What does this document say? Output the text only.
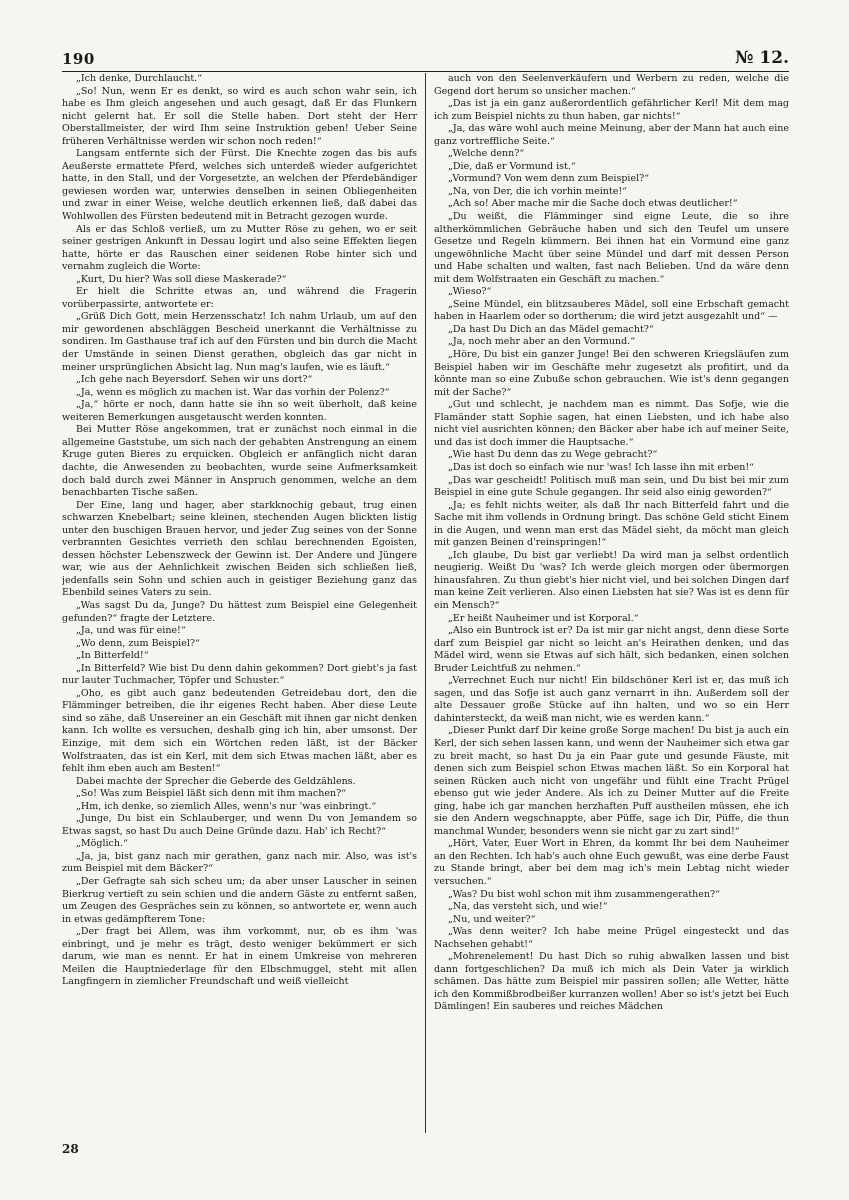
190	№ 12.

„Ich denke, Durchlaucht.“

„So! Nun, wenn Er es denkt, so wird es auch schon wahr sein, ich habe es Ihm gleich angesehen und auch gesagt, daß Er das Flunkern nicht gelernt hat. Er soll die Stelle haben. Dort steht der Herr Oberstallmeister, der wird Ihm seine Instruktion geben! Ueber Seine früheren Verhältnisse werden wir schon noch reden!“

Langsam entfernte sich der Fürst. Die Knechte zogen das bis aufs Aeußerste ermattete Pferd, welches sich unterdeß wieder aufgerichtet hatte, in den Stall, und der Vorgesetzte, an welchen der Pferdebändiger gewiesen worden war, unterwies denselben in seinen Obliegenheiten und zwar in einer Weise, welche deutlich erkennen ließ, daß dabei das Wohlwollen des Fürsten bedeutend mit in Betracht gezogen wurde.

Als er das Schloß verließ, um zu Mutter Röse zu gehen, wo er seit seiner gestrigen Ankunft in Dessau logirt und also seine Effekten liegen hatte, hörte er das Rauschen einer seidenen Robe hinter sich und vernahm zugleich die Worte:

„Kurt, Du hier? Was soll diese Maskerade?“

Er hielt die Schritte etwas an, und während die Fragerin vorüberpassirte, antwortete er:

„Grüß Dich Gott, mein Herzensschatz! Ich nahm Urlaub, um auf den mir gewordenen abschläggen Bescheid unerkannt die Verhältnisse zu sondiren. Im Gasthause traf ich auf den Fürsten und bin durch die Macht der Umstände in seinen Dienst gerathen, obgleich das gar nicht in meiner ursprünglichen Absicht lag. Nun mag's laufen, wie es läuft.“

„Ich gehe nach Beyersdorf. Sehen wir uns dort?“

„Ja, wenn es möglich zu machen ist. War das vorhin der Polenz?“

„Ja,“ hörte er noch, dann hatte sie ihn so weit überholt, daß keine weiteren Bemerkungen ausgetauscht werden konnten.

Bei Mutter Röse angekommen, trat er zunächst noch einmal in die allgemeine Gaststube, um sich nach der gehabten Anstrengung an einem Kruge guten Bieres zu erquicken. Obgleich er anfänglich nicht daran dachte, die Anwesenden zu beobachten, wurde seine Aufmerksamkeit doch bald durch zwei Männer in Anspruch genommen, welche an dem benachbarten Tische saßen.

Der Eine, lang und hager, aber starkknochig gebaut, trug einen schwarzen Knebelbart; seine kleinen, stechenden Augen blickten listig unter den buschigen Brauen hervor, und jeder Zug seines von der Sonne verbrannten Gesichtes verrieth den schlau berechnenden Egoisten, dessen höchster Lebenszweck der Gewinn ist. Der Andere und Jüngere war, wie aus der Aehnlichkeit zwischen Beiden sich schließen ließ, jedenfalls sein Sohn und schien auch in geistiger Beziehung ganz das Ebenbild seines Vaters zu sein.

„Was sagst Du da, Junge? Du hättest zum Beispiel eine Gelegenheit gefunden?“ fragte der Letztere.

„Ja, und was für eine!“

„Wo denn, zum Beispiel?“

„In Bitterfeld!“

„In Bitterfeld? Wie bist Du denn dahin gekommen? Dort giebt's ja fast nur lauter Tuchmacher, Töpfer und Schuster.“

„Oho, es gibt auch ganz bedeutenden Getreidebau dort, den die Flämminger betreiben, die ihr eigenes Recht haben. Aber diese Leute sind so zähe, daß Unsereiner an ein Geschäft mit ihnen gar nicht denken kann. Ich wollte es versuchen, deshalb ging ich hin, aber umsonst. Der Einzige, mit dem sich ein Wörtchen reden läßt, ist der Bäcker Wolfstraaten, das ist ein Kerl, mit dem sich Etwas machen läßt, aber es fehlt ihm eben auch am Besten!“

Dabei machte der Sprecher die Geberde des Geldzählens.

„So! Was zum Beispiel läßt sich denn mit ihm machen?“

„Hm, ich denke, so ziemlich Alles, wenn's nur 'was einbringt.“

„Junge, Du bist ein Schlauberger, und wenn Du von Jemandem so Etwas sagst, so hast Du auch Deine Gründe dazu. Hab' ich Recht?“

„Möglich.“

„Ja, ja, bist ganz nach mir gerathen, ganz nach mir. Also, was ist's zum Beispiel mit dem Bäcker?“

„Der Gefragte sah sich scheu um; da aber unser Lauscher in seinen Bierkrug vertieft zu sein schien und die andern Gäste zu entfernt saßen, um Zeugen des Gespräches sein zu können, so antwortete er, wenn auch in etwas gedämpfterem Tone:

„Der fragt bei Allem, was ihm vorkommt, nur, ob es ihm 'was einbringt, und je mehr es trägt, desto weniger bekümmert er sich darum, wie man es nennt. Er hat in einem Umkreise von mehreren Meilen die Hauptniederlage für den Elbschmuggel, steht mit allen Langfingern in ziemlicher Freundschaft und weiß vielleicht

auch von den Seelenverkäufern und Werbern zu reden, welche die Gegend dort herum so unsicher machen.“

„Das ist ja ein ganz außerordentlich gefährlicher Kerl! Mit dem mag ich zum Beispiel nichts zu thun haben, gar nichts!“

„Ja, das wäre wohl auch meine Meinung, aber der Mann hat auch eine ganz vortreffliche Seite.“

„Welche denn?“

„Die, daß er Vormund ist.“

„Vormund? Von wem denn zum Beispiel?“

„Na, von Der, die ich vorhin meinte!“

„Ach so! Aber mache mir die Sache doch etwas deutlicher!“

„Du weißt, die Flämminger sind eigne Leute, die so ihre altherkömmlichen Gebräuche haben und sich den Teufel um unsere Gesetze und Regeln kümmern. Bei ihnen hat ein Vormund eine ganz ungewöhnliche Macht über seine Mündel und darf mit dessen Person und Habe schalten und walten, fast nach Belieben. Und da wäre denn mit dem Wolfstraaten ein Geschäft zu machen.“

„Wieso?“

„Seine Mündel, ein blitzsauberes Mädel, soll eine Erbschaft gemacht haben in Haarlem oder so dortherum; die wird jetzt ausgezahlt und“ —

„Da hast Du Dich an das Mädel gemacht?“

„Ja, noch mehr aber an den Vormund.“

„Höre, Du bist ein ganzer Junge! Bei den schweren Kriegsläufen zum Beispiel haben wir im Geschäfte mehr zugesetzt als profitirt, und da könnte man so eine Zubuße schon gebrauchen. Wie ist's denn gegangen mit der Sache?“

„Gut und schlecht, je nachdem man es nimmt. Das Sofje, wie die Flamänder statt Sophie sagen, hat einen Liebsten, und ich habe also nicht viel ausrichten können; den Bäcker aber habe ich auf meiner Seite, und das ist doch immer die Hauptsache.“

„Wie hast Du denn das zu Wege gebracht?“

„Das ist doch so einfach wie nur 'was! Ich lasse ihn mit erben!“

„Das war gescheidt! Politisch muß man sein, und Du bist bei mir zum Beispiel in eine gute Schule gegangen. Ihr seid also einig geworden?“

„Ja; es fehlt nichts weiter, als daß Ihr nach Bitterfeld fahrt und die Sache mit ihm vollends in Ordnung bringt. Das schöne Geld sticht Einem in die Augen, und wenn man erst das Mädel sieht, da möcht man gleich mit ganzen Beinen d'reinspringen!“

„Ich glaube, Du bist gar verliebt! Da wird man ja selbst ordentlich neugierig. Weißt Du 'was? Ich werde gleich morgen oder übermorgen hinausfahren. Zu thun giebt's hier nicht viel, und bei solchen Dingen darf man keine Zeit verlieren. Also einen Liebsten hat sie? Was ist es denn für ein Mensch?“

„Er heißt Nauheimer und ist Korporal.“

„Also ein Buntrock ist er? Da ist mir gar nicht angst, denn diese Sorte darf zum Beispiel gar nicht so leicht an's Heirathen denken, und das Mädel wird, wenn sie Etwas auf sich hält, sich bedanken, einen solchen Bruder Leichtfuß zu nehmen.“

„Verrechnet Euch nur nicht! Ein bildschöner Kerl ist er, das muß ich sagen, und das Sofje ist auch ganz vernarrt in ihn. Außerdem soll der alte Dessauer große Stücke auf ihn halten, und wo so ein Herr dahintersteckt, da weiß man nicht, wie es werden kann.“

„Dieser Punkt darf Dir keine große Sorge machen! Du bist ja auch ein Kerl, der sich sehen lassen kann, und wenn der Nauheimer sich etwa gar zu breit macht, so hast Du ja ein Paar gute und gesunde Fäuste, mit denen sich zum Beispiel schon Etwas machen läßt. So ein Korporal hat seinen Rücken auch nicht von ungefähr und fühlt eine Tracht Prügel ebenso gut wie jeder Andere. Als ich zu Deiner Mutter auf die Freite ging, habe ich gar manchen herzhaften Puff austheilen müssen, ehe ich sie den Andern wegschnappte, aber Püffe, sage ich Dir, Püffe, die thun manchmal Wunder, besonders wenn sie nicht gar zu zart sind!“

„Hört, Vater, Euer Wort in Ehren, da kommt Ihr bei dem Nauheimer an den Rechten. Ich hab's auch ohne Euch gewußt, was eine derbe Faust zu Stande bringt, aber bei dem mag ich's mein Lebtag nicht wieder versuchen.“

„Was? Du bist wohl schon mit ihm zusammengerathen?“

„Na, das versteht sich, und wie!“

„Nu, und weiter?“

„Was denn weiter? Ich habe meine Prügel eingesteckt und das Nachsehen gehabt!“

„Mohrenelement! Du hast Dich so ruhig abwalken lassen und bist dann fortgeschlichen? Da muß ich mich als Dein Vater ja wirklich schämen. Das hätte zum Beispiel mir passiren sollen; alle Wetter, hätte ich den Kommißbrodbeißer kurranzen wollen! Aber so ist's jetzt bei Euch Dämlingen! Ein sauberes und reiches Mädchen

28
